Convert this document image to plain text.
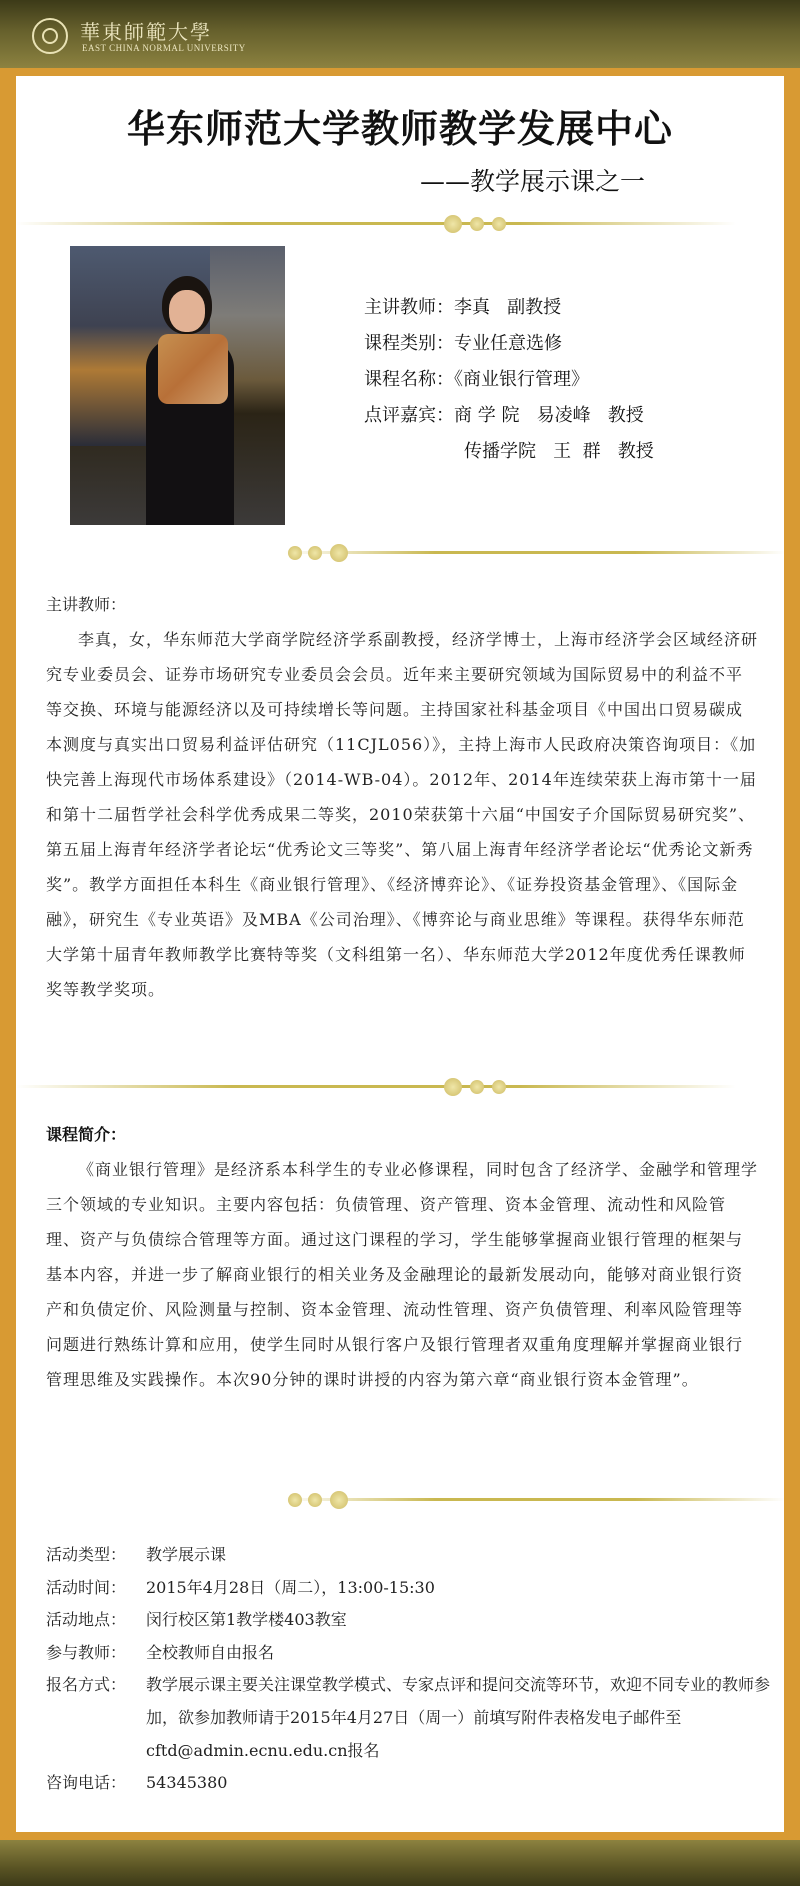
華東師範大學
EAST CHINA NORMAL UNIVERSITY
华东师范大学教师教学发展中心
——教学展示课之一
主讲教师：李真   副教授
课程类别：专业任意选修
课程名称：《商业银行管理》
点评嘉宾：商 学 院   易凌峰   教授
传播学院   王  群   教授
主讲教师：

李真，女，华东师范大学商学院经济学系副教授，经济学博士，上海市经济学会区域经济研究专业委员会、证券市场研究专业委员会会员。近年来主要研究领域为国际贸易中的利益不平等交换、环境与能源经济以及可持续增长等问题。主持国家社科基金项目《中国出口贸易碳成本测度与真实出口贸易利益评估研究（11CJL056）》，主持上海市人民政府决策咨询项目：《加快完善上海现代市场体系建设》（2014-WB-04）。2012年、2014年连续荣获上海市第十一届和第十二届哲学社会科学优秀成果二等奖，2010荣获第十六届“中国安子介国际贸易研究奖”、第五届上海青年经济学者论坛“优秀论文三等奖”、第八届上海青年经济学者论坛“优秀论文新秀奖”。教学方面担任本科生《商业银行管理》、《经济博弈论》、《证券投资基金管理》、《国际金融》，研究生《专业英语》及MBA《公司治理》、《博弈论与商业思维》等课程。获得华东师范大学第十届青年教师教学比赛特等奖（文科组第一名）、华东师范大学2012年度优秀任课教师奖等教学奖项。

课程简介：

《商业银行管理》是经济系本科学生的专业必修课程，同时包含了经济学、金融学和管理学三个领域的专业知识。主要内容包括：负债管理、资产管理、资本金管理、流动性和风险管理、资产与负债综合管理等方面。通过这门课程的学习，学生能够掌握商业银行管理的框架与基本内容，并进一步了解商业银行的相关业务及金融理论的最新发展动向，能够对商业银行资产和负债定价、风险测量与控制、资本金管理、流动性管理、资产负债管理、利率风险管理等问题进行熟练计算和应用，使学生同时从银行客户及银行管理者双重角度理解并掌握商业银行管理思维及实践操作。本次90分钟的课时讲授的内容为第六章“商业银行资本金管理”。

活动类型： 教学展示课
活动时间： 2015年4月28日（周二），13:00-15:30
活动地点： 闵行校区第1教学楼403教室
参与教师： 全校教师自由报名
报名方式： 教学展示课主要关注课堂教学模式、专家点评和提问交流等环节，欢迎不同专业的教师参加，欲参加教师请于2015年4月27日（周一）前填写附件表格发电子邮件至cftd@admin.ecnu.edu.cn报名
咨询电话： 54345380
